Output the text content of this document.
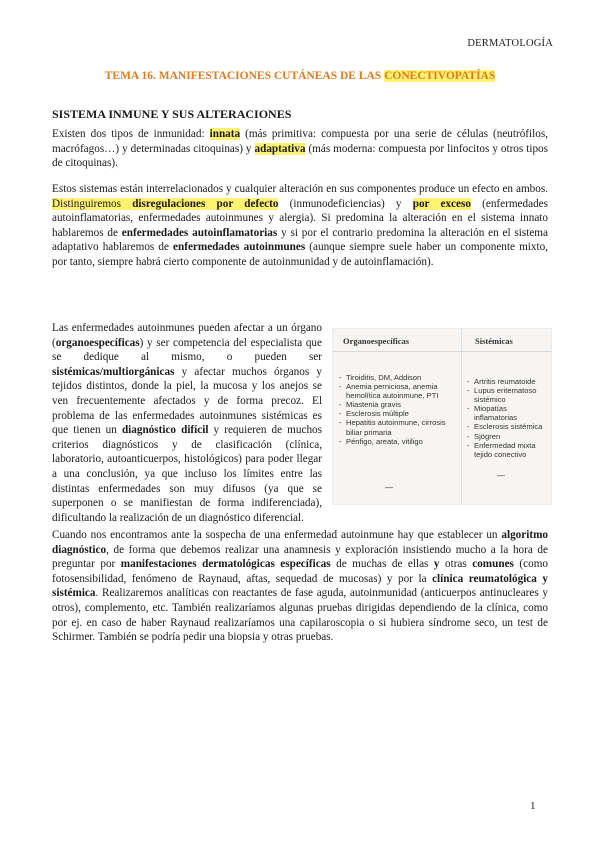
DERMATOLOGÍA
TEMA 16. MANIFESTACIONES CUTÁNEAS DE LAS CONECTIVOPATÍAS
SISTEMA INMUNE Y SUS ALTERACIONES

Existen dos tipos de inmunidad: innata (más primitiva: compuesta por una serie de células (neutrófilos, macrófagos…) y determinadas citoquinas) y adaptativa (más moderna: compuesta por linfocitos y otros tipos de citoquinas).

Estos sistemas están interrelacionados y cualquier alteración en sus componentes produce un efecto en ambos. Distinguiremos disregulaciones por defecto (inmunodeficiencias) y por exceso (enfermedades autoinflamatorias, enfermedades autoinmunes y alergia). Si predomina la alteración en el sistema innato hablaremos de enfermedades autoinflamatorias y si por el contrario predomina la alteración en el sistema adaptativo hablaremos de enfermedades autoinmunes (aunque siempre suele haber un componente mixto, por tanto, siempre habrá cierto componente de autoinmunidad y de autoinflamación).

Las enfermedades autoinmunes pueden afectar a un órgano (organoespecíficas) y ser competencia del especialista que se dedique al mismo, o pueden ser sistémicas/multiorgánicas y afectar muchos órganos y tejidos distintos, donde la piel, la mucosa y los anejos se ven frecuentemente afectados y de forma precoz. El problema de las enfermedades autoinmunes sistémicas es que tienen un diagnóstico difícil y requieren de muchos criterios diagnósticos y de clasificación (clínica, laboratorio, autoanticuerpos, histológicos) para poder llegar a una conclusión, ya que incluso los límites entre las distintas enfermedades son muy difusos (ya que se superponen o se manifiestan de forma indiferenciada), dificultando la realización de un diagnóstico diferencial.

Organoespecíficas	Sistémicas
- Tiroiditis, DM, Addison
- Anemia perniciosa, anemia hemolítica autoinmune, PTI
- Miastenia gravis
- Esclerosis múltiple
- Hepatitis autoinmune, cirrosis biliar primaria
- Pénfigo, areata, vitiligo
- Artritis reumatoide
- Lupus eritematoso sistémico
- Miopatías inflamatorias
- Esclerosis sistémica
- Sjögren
- Enfermedad mixta tejido conectivo
—
—

Cuando nos encontramos ante la sospecha de una enfermedad autoinmune hay que establecer un algoritmo diagnóstico, de forma que debemos realizar una anamnesis y exploración insistiendo mucho a la hora de preguntar por manifestaciones dermatológicas específicas de muchas de ellas y otras comunes (como fotosensibilidad, fenómeno de Raynaud, aftas, sequedad de mucosas) y por la clínica reumatológica y sistémica. Realizaremos analíticas con reactantes de fase aguda, autoinmunidad (anticuerpos antinucleares y otros), complemento, etc. También realizaríamos algunas pruebas dirigidas dependiendo de la clínica, como por ej. en caso de haber Raynaud realizaríamos una capilaroscopia o si hubiera síndrome seco, un test de Schirmer. También se podría pedir una biopsia y otras pruebas.

1
